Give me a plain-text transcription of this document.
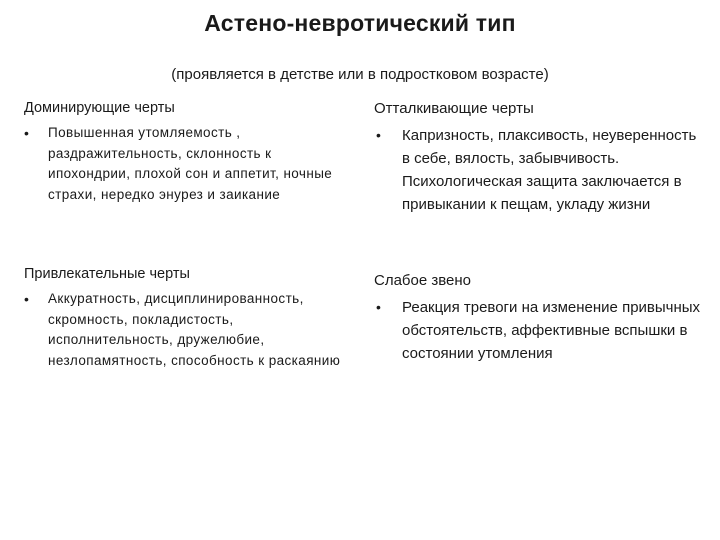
Астено-невротический тип
(проявляется в детстве или в подростковом возрасте)
Доминирующие черты
•	Повышенная утомляемость , раздражительность, склонность к ипохондрии, плохой сон и аппетит, ночные страхи, нередко энурез и заикание
Отталкивающие черты
•	Капризность, плаксивость, неуверенность в себе, вялость, забывчивость. Психологическая защита заключается в привыкании к пещам, укладу жизни
Привлекательные черты
•	Аккуратность, дисциплинированность, скромность, покладистость, исполнительность, дружелюбие, незлопамятность, способность к раскаянию
Слабое звено
•	Реакция тревоги на изменение привычных обстоятельств, аффективные вспышки в состоянии утомления
